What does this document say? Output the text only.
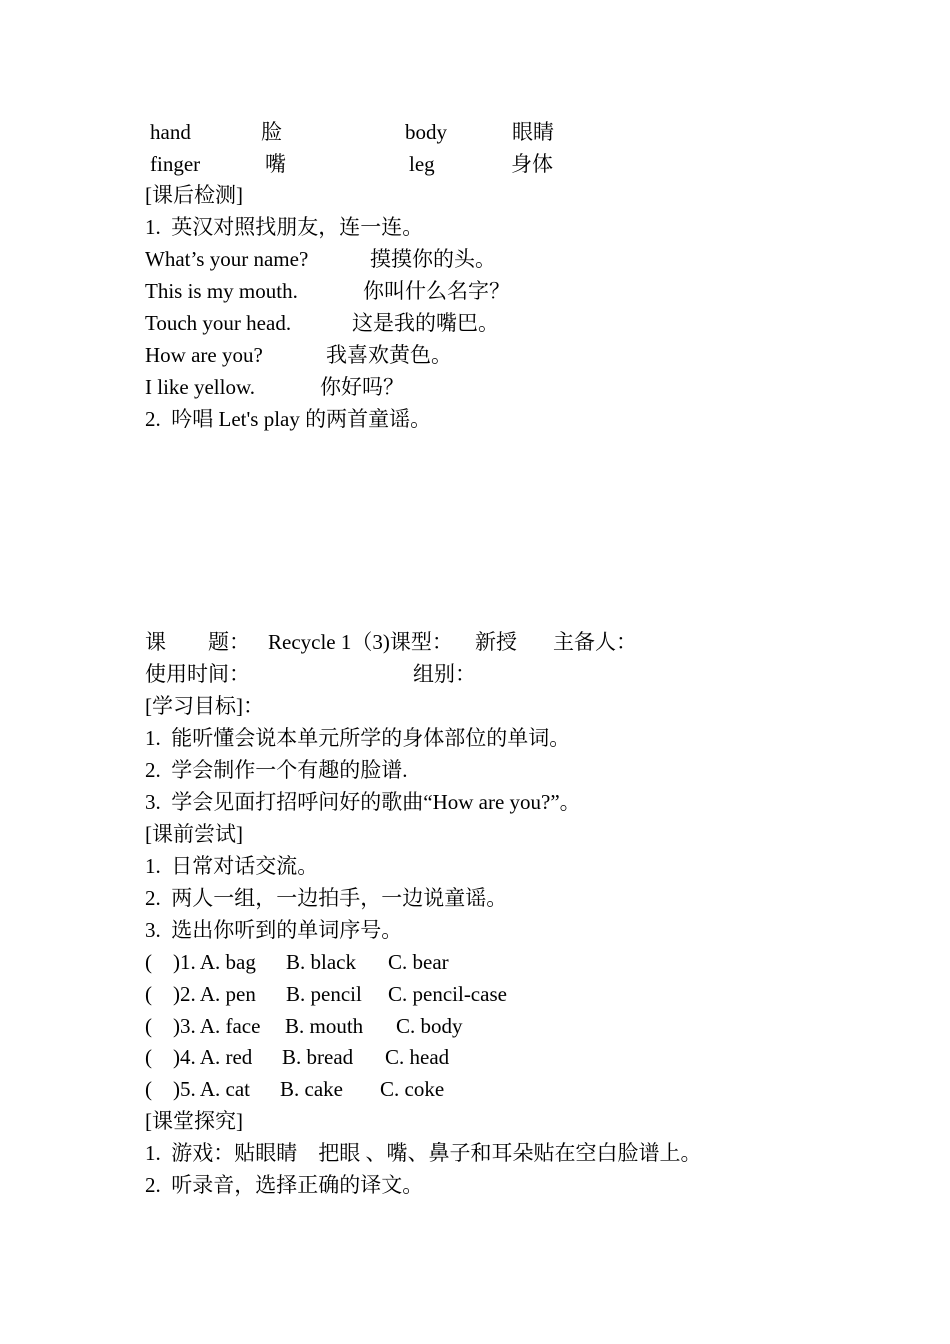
hand	脸	body	眼睛
finger	嘴	leg	身体
[课后检测]
1.  英汉对照找朋友，连一连。
What’s your name?	摸摸你的头。
This is my mouth.	你叫什么名字？
Touch your head.	这是我的嘴巴。
How are you?	我喜欢黄色。
I like yellow.	你好吗？
2.  吟唱 Let's play 的两首童谣。
课        题： Recycle 1（3)课型： 新授 主备人：
使用时间：	组别：
[学习目标]：
1.  能听懂会说本单元所学的身体部位的单词。
2.  学会制作一个有趣的脸谱.
3.  学会见面打招呼问好的歌曲“How are you?”。
[课前尝试]
1.  日常对话交流。
2.  两人一组，一边拍手，一边说童谣。
3.  选出你听到的单词序号。
(    )1. A. bag B. black C. bear
(    )2. A. pen B. pencil C. pencil-case
(    )3. A. face B. mouth C. body
(    )4. A. red B. bread C. head
(    )5. A. cat B. cake C. coke
[课堂探究]
1.  游戏：贴眼睛    把眼 、嘴、鼻子和耳朵贴在空白脸谱上。
2.  听录音，选择正确的译文。
